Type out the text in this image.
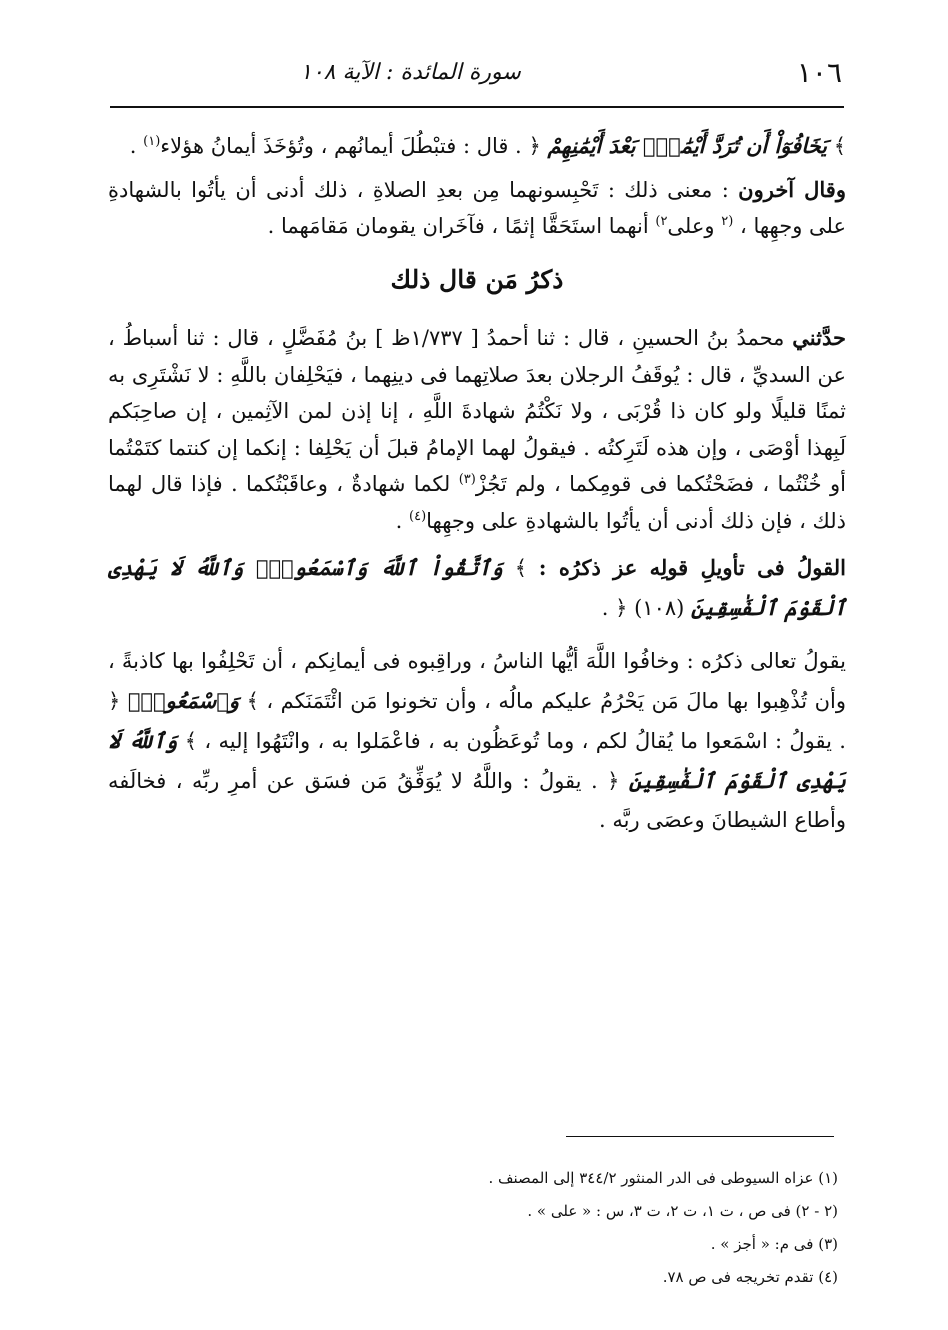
١٠٦
سورة المائدة : الآية ١٠٨

﴾ يَخَافُوٓاْ أَن تُرَدَّ أَيْمَٰنُۢ بَعْدَ أَيْمَٰنِهِمْ ﴿ . قال : فتبْطُلَ أيمانُهم ، وتُؤخَذَ أيمانُ هؤلاء$^{(١)}$ .

وقال آخرون : معنى ذلك : تَحْبِسونهما مِن بعدِ الصلاةِ ، ذلك أدنى أن يأتُوا بالشهادةِ على وجهِها ، $^{(٢}$ وعلى$^{٢)}$ أنهما استَحَقَّا إثمًا ، فآخَران يقومان مَقامَهما .

ذكرُ مَن قال ذلك

حدَّثني محمدُ بنُ الحسينِ ، قال : ثنا أحمدُ [ ١/٧٣٧ظ ] بنُ مُفَضَّلٍ ، قال : ثنا أسباطُ ، عن السديِّ ، قال : يُوقَفُ الرجلان بعدَ صلاتِهما فى دينِهما ، فيَحْلِفان باللَّهِ : لا نَشْتَرِى به ثمنًا قليلًا ولو كان ذا قُرْبَى ، ولا نَكْتُمُ شهادةَ اللَّهِ ، إنا إذن لمن الآثِمين ، إن صاحِبَكم لَبِهذا أوْصَى ، وإن هذه لَتَرِكتُه . فيقولُ لهما الإمامُ قبلَ أن يَحْلِفا : إنكما إن كنتما كتَمْتُما أو خُنْتُما ، فضَحْتُكما فى قومِكما ، ولم تَجُزْ$^{(٣)}$ لكما شهادةٌ ، وعاقَبْتُكما . فإذا قال لهما ذلك ، فإن ذلك أدنى أن يأتُوا بالشهادةِ على وجهِها$^{(٤)}$ .

القولُ فى تأويلِ قولِه عز ذكرُه : ﴾ وَٱتَّقُواْ ٱللَّهَ وَٱسْمَعُواْۗ وَٱللَّهُ لَا يَهْدِى ٱلْقَوْمَ ٱلْفَٰسِقِينَ (١٠٨) ﴿ .

يقولُ تعالى ذكرُه : وخافُوا اللَّهَ أيُّها الناسُ ، وراقِبوه فى أيمانِكم ، أن تَحْلِفُوا بها كاذبةً ، وأن تُذْهِبوا بها مالَ مَن يَحْرُمُ عليكم مالُه ، وأن تخونوا مَن ائْتَمَنَكم ، ﴾ وَٱسْمَعُواْۗ ﴿ . يقولُ : اسْمَعوا ما يُقالُ لكم ، وما تُوعَظُون به ، فاعْمَلوا به ، وانْتَهُوا إليه ، ﴾ وَٱللَّهُ لَا يَهْدِى ٱلْقَوْمَ ٱلْفَٰسِقِينَ ﴿ . يقولُ : واللَّهُ لا يُوَفِّقُ مَن فسَق عن أمرِ ربِّه ، فخالَفه وأطاع الشيطانَ وعصَى ربَّه .

(١) عزاه السيوطى فى الدر المنثور ٣٤٤/٢ إلى المصنف .
(٢ - ٢) فى ص ، ت ١، ت ٢، ت ٣، س : « على » .
(٣) فى م: « أجز » .
(٤) تقدم تخريجه فى ص ٧٨.
